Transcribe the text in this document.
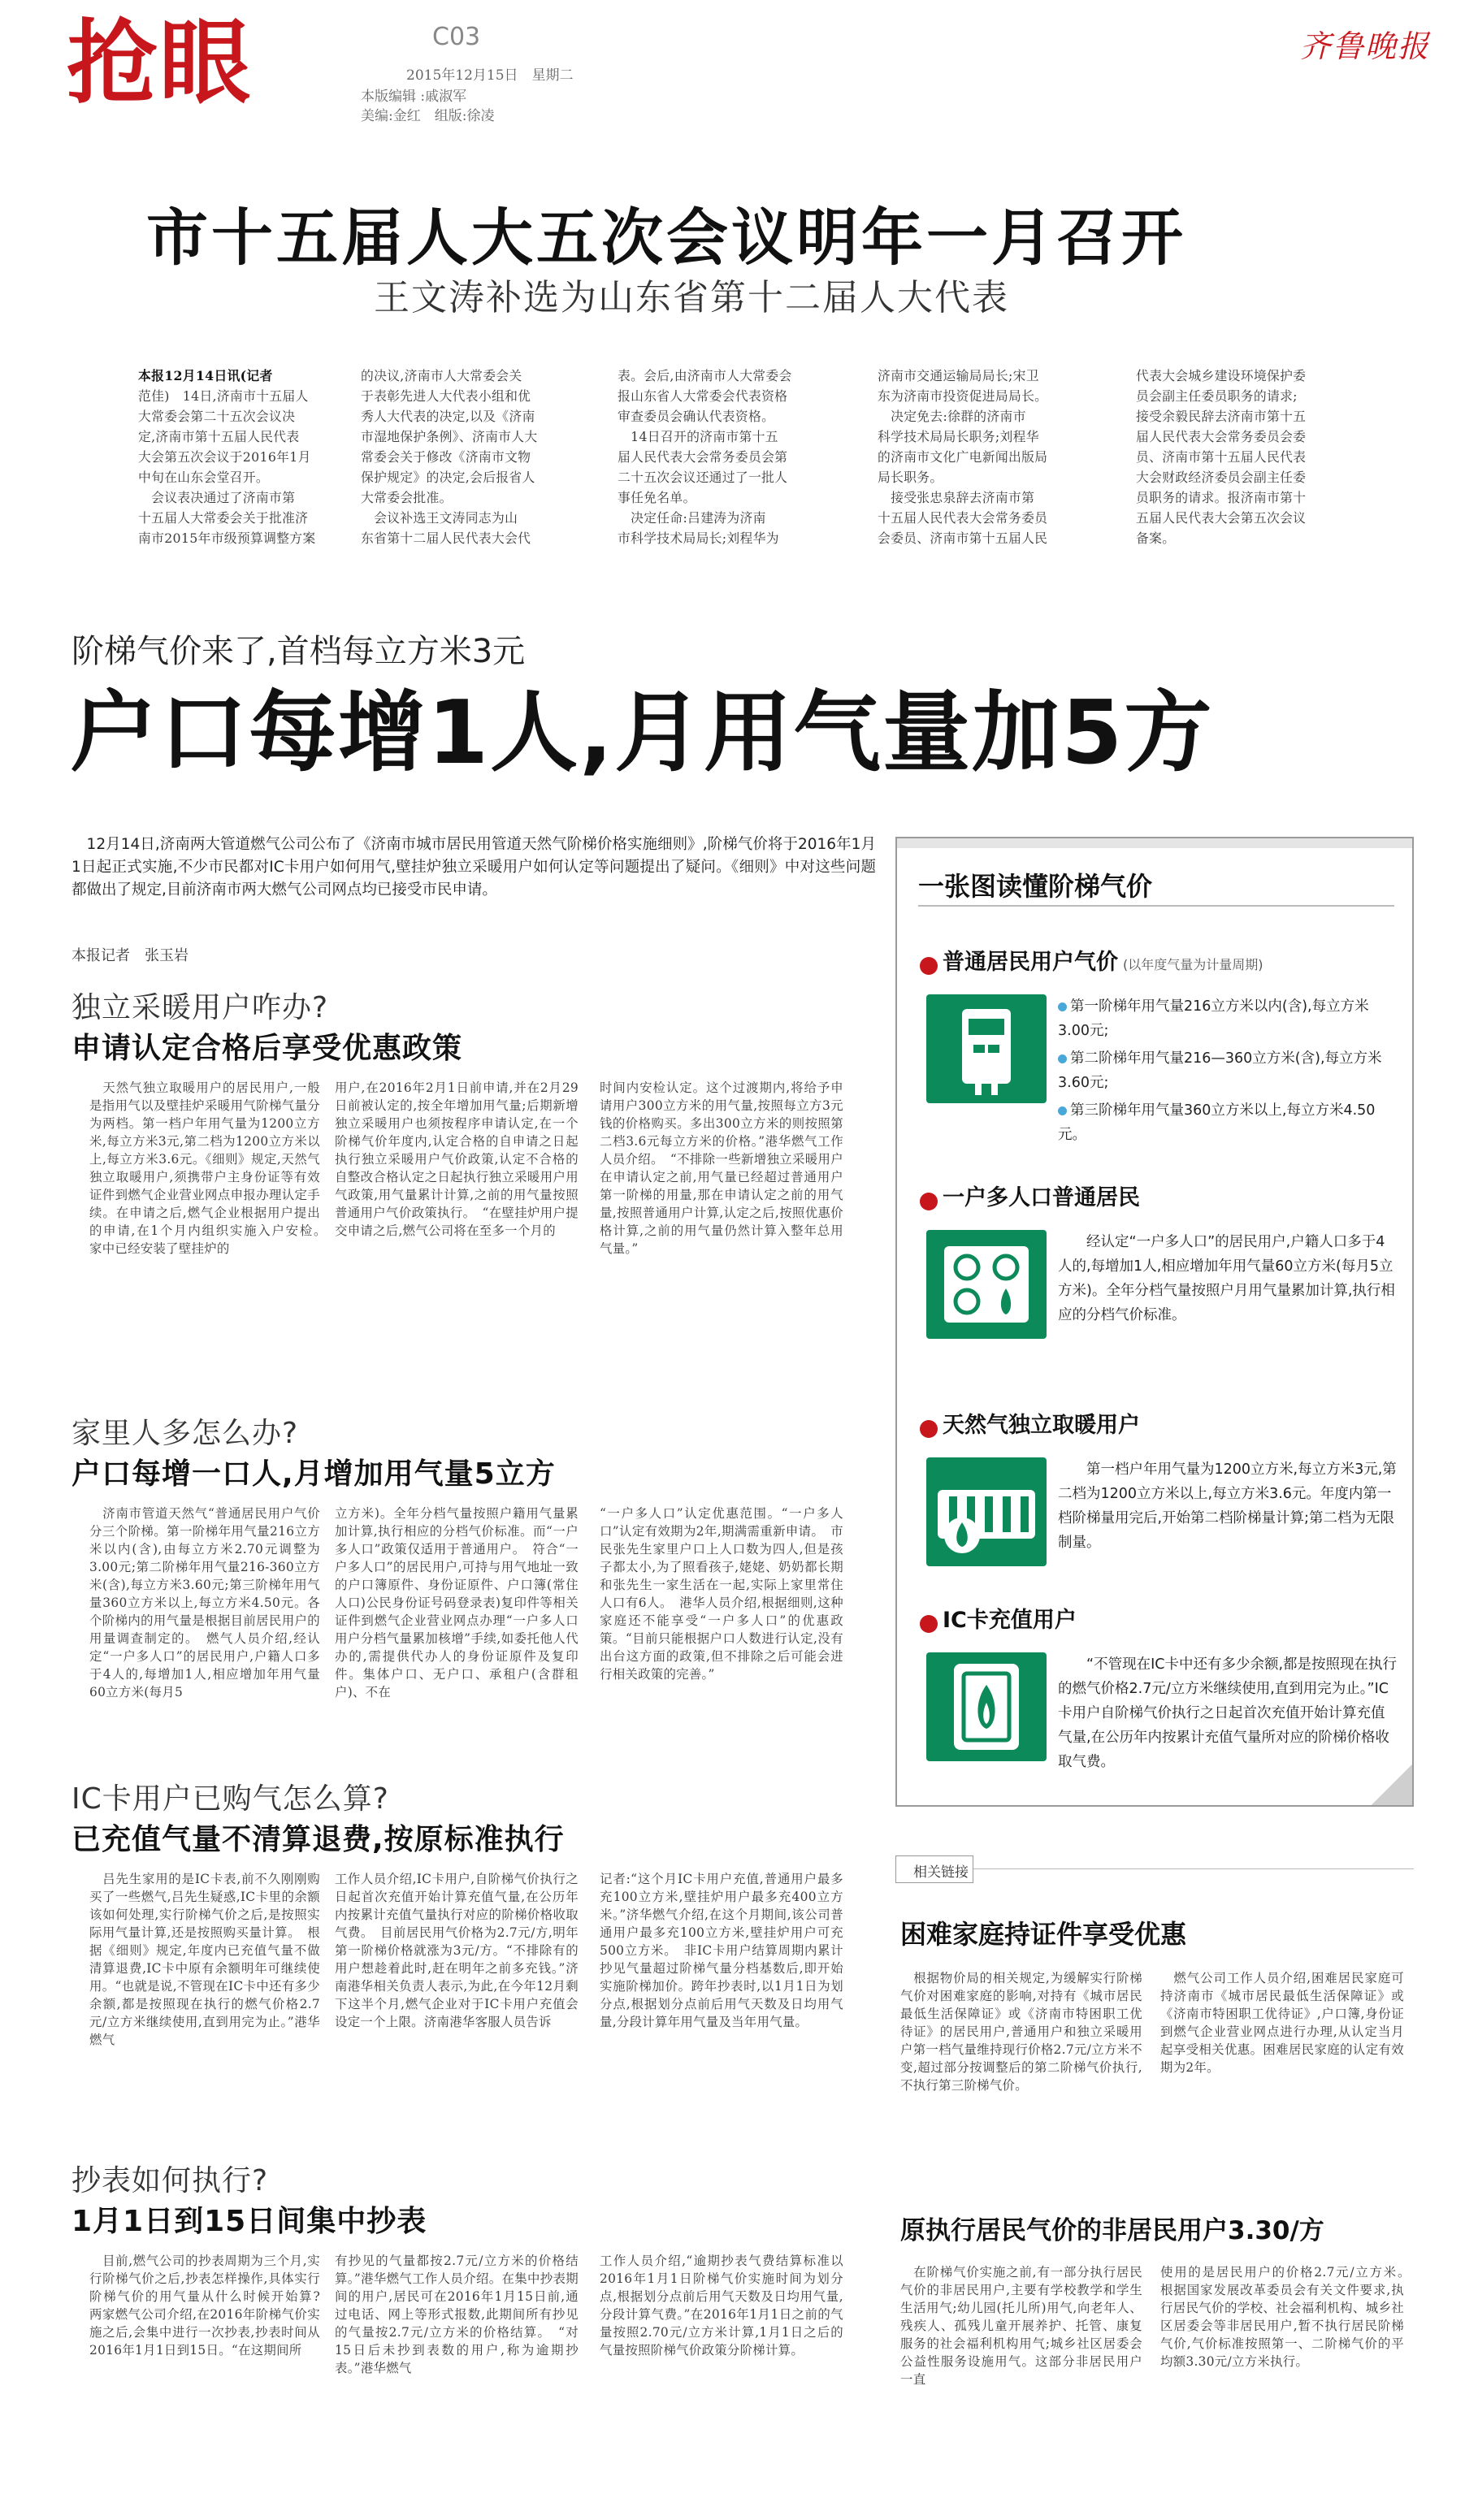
抢眼	C03
2015年12月15日　星期二
本版编辑 :戚淑军
美编:金红　组版:徐凌
齐鲁晚报
市十五届人大五次会议明年一月召开
王文涛补选为山东省第十二届人大代表
本报12月14日讯(记者
范佳)　14日,济南市十五届人
大常委会第二十五次会议决
定,济南市第十五届人民代表
大会第五次会议于2016年1月
中旬在山东会堂召开。
　会议表决通过了济南市第
十五届人大常委会关于批准济
南市2015年市级预算调整方案
的决议,济南市人大常委会关
于表彰先进人大代表小组和优
秀人大代表的决定,以及《济南
市湿地保护条例》、济南市人大
常委会关于修改《济南市文物
保护规定》的决定,会后报省人
大常委会批准。
　会议补选王文涛同志为山
东省第十二届人民代表大会代
表。会后,由济南市人大常委会
报山东省人大常委会代表资格
审查委员会确认代表资格。
　14日召开的济南市第十五
届人民代表大会常务委员会第
二十五次会议还通过了一批人
事任免名单。
　决定任命:吕建涛为济南
市科学技术局局长;刘程华为
济南市交通运输局局长;宋卫
东为济南市投资促进局局长。
　决定免去:徐群的济南市
科学技术局局长职务;刘程华
的济南市文化广电新闻出版局
局长职务。
　接受张忠泉辞去济南市第
十五届人民代表大会常务委员
会委员、济南市第十五届人民
代表大会城乡建设环境保护委
员会副主任委员职务的请求;
接受余毅民辞去济南市第十五
届人民代表大会常务委员会委
员、济南市第十五届人民代表
大会财政经济委员会副主任委
员职务的请求。报济南市第十
五届人民代表大会第五次会议
备案。
阶梯气价来了,首档每立方米3元
户口每增1人,月用气量加5方
　12月14日,济南两大管道燃气公司公布了《济南市城市居民用管道天然气阶梯价格实施细则》,阶梯气价将于2016年1月1日起正式实施,不少市民都对IC卡用户如何用气,壁挂炉独立采暖用户如何认定等问题提出了疑问。《细则》中对这些问题都做出了规定,目前济南市两大燃气公司网点均已接受市民申请。
本报记者　张玉岩
独立采暖用户咋办?
申请认定合格后享受优惠政策
　天然气独立取暖用户的居民用户,一般是指用气以及壁挂炉采暖用气阶梯气量分为两档。第一档户年用气量为1200立方米,每立方米3元,第二档为1200立方米以上,每立方米3.6元。《细则》规定,天然气独立取暖用户,须携带户主身份证等有效证件到燃气企业营业网点申报办理认定手续。在申请之后,燃气企业根据用户提出的申请,在1个月内组织实施入户安检。　家中已经安装了壁挂炉的
用户,在2016年2月1日前申请,并在2月29日前被认定的,按全年增加用气量;后期新增独立采暖用户也须按程序申请认定,在一个阶梯气价年度内,认定合格的自申请之日起执行独立采暖用户气价政策,认定不合格的自整改合格认定之日起执行独立采暖用户用气政策,用气量累计计算,之前的用气量按照普通用户气价政策执行。　“在壁挂炉用户提交申请之后,燃气公司将在至多一个月的
时间内安检认定。这个过渡期内,将给予申请用户300立方米的用气量,按照每立方3元钱的价格购买。多出300立方米的则按照第二档3.6元每立方米的价格。”港华燃气工作人员介绍。　“不排除一些新增独立采暖用户在申请认定之前,用气量已经超过普通用户第一阶梯的用量,那在申请认定之前的用气量,按照普通用户计算,认定之后,按照优惠价格计算,之前的用气量仍然计算入整年总用气量。”
家里人多怎么办?
户口每增一口人,月增加用气量5立方
　济南市管道天然气“普通居民用户气价分三个阶梯。第一阶梯年用气量216立方米以内(含),由每立方米2.70元调整为3.00元;第二阶梯年用气量216-360立方米(含),每立方米3.60元;第三阶梯年用气量360立方米以上,每立方米4.50元。各个阶梯内的用气量是根据目前居民用户的用量调查制定的。　燃气人员介绍,经认定“一户多人口”的居民用户,户籍人口多于4人的,每增加1人,相应增加年用气量60立方米(每月5
立方米)。全年分档气量按照户籍用气量累加计算,执行相应的分档气价标准。而“一户多人口”政策仅适用于普通用户。　符合“一户多人口”的居民用户,可持与用气地址一致的户口簿原件、身份证原件、户口簿(常住人口)公民身份证号码登录表)复印件等相关证件到燃气企业营业网点办理“一户多人口用户分档气量累加核增”手续,如委托他人代办的,需提供代办人的身份证原件及复印件。集体户口、无户口、承租户(含群租户)、不在
“一户多人口”认定优惠范围。“一户多人口”认定有效期为2年,期满需重新申请。　市民张先生家里户口上人口数为四人,但是孩子都太小,为了照看孩子,姥姥、奶奶都长期和张先生一家生活在一起,实际上家里常住人口有6人。　港华人员介绍,根据细则,这种家庭还不能享受“一户多人口”的优惠政策。“目前只能根据户口人数进行认定,没有出台这方面的政策,但不排除之后可能会进行相关政策的完善。”
IC卡用户已购气怎么算?
已充值气量不清算退费,按原标准执行
　吕先生家用的是IC卡表,前不久刚刚购买了一些燃气,吕先生疑惑,IC卡里的余额该如何处理,实行阶梯气价之后,是按照实际用气量计算,还是按照购买量计算。　根据《细则》规定,年度内已充值气量不做清算退费,IC卡中原有余额明年可继续使用。“也就是说,不管现在IC卡中还有多少余额,都是按照现在执行的燃气价格2.7元/立方米继续使用,直到用完为止。”港华燃气
工作人员介绍,IC卡用户,自阶梯气价执行之日起首次充值开始计算充值气量,在公历年内按累计充值气量执行对应的阶梯价格收取气费。　目前居民用气价格为2.7元/方,明年第一阶梯价格就涨为3元/方。“不排除有的用户想趁着此时,赶在明年之前多充钱。”济南港华相关负责人表示,为此,在今年12月剩下这半个月,燃气企业对于IC卡用户充值会设定一个上限。济南港华客服人员告诉
记者:“这个月IC卡用户充值,普通用户最多充100立方米,壁挂炉用户最多充400立方米。”济华燃气介绍,在这个月期间,该公司普通用户最多充100立方米,壁挂炉用户可充500立方米。　非IC卡用户结算周期内累计抄见气量超过阶梯气量分档基数后,即开始实施阶梯加价。跨年抄表时,以1月1日为划分点,根据划分点前后用气天数及日均用气量,分段计算年用气量及当年用气量。
抄表如何执行?
1月1日到15日间集中抄表
　目前,燃气公司的抄表周期为三个月,实行阶梯气价之后,抄表怎样操作,具体实行阶梯气价的用气量从什么时候开始算?　两家燃气公司介绍,在2016年阶梯气价实施之后,会集中进行一次抄表,抄表时间从2016年1月1日到15日。“在这期间所
有抄见的气量都按2.7元/立方米的价格结算。”港华燃气工作人员介绍。在集中抄表期间的用户,居民可在2016年1月15日前,通过电话、网上等形式报数,此期间所有抄见的气量按2.7元/立方米的价格结算。　“对15日后未抄到表数的用户,称为逾期抄表。”港华燃气
工作人员介绍,“逾期抄表气费结算标准以2016年1月1日阶梯气价实施时间为划分点,根据划分点前后用气天数及日均用气量,分段计算气费。”在2016年1月1日之前的气量按照2.70元/立方米计算,1月1日之后的气量按照阶梯气价政策分阶梯计算。
一张图读懂阶梯气价
普通居民用户气价 (以年度气量为计量周期)
第一阶梯年用气量216立方米以内(含),每立方米3.00元;
第二阶梯年用气量216—360立方米(含),每立方米3.60元;
第三阶梯年用气量360立方米以上,每立方米4.50元。
一户多人口普通居民
经认定“一户多人口”的居民用户,户籍人口多于4人的,每增加1人,相应增加年用气量60立方米(每月5立方米)。全年分档气量按照户月用气量累加计算,执行相应的分档气价标准。
天然气独立取暖用户
第一档户年用气量为1200立方米,每立方米3元,第二档为1200立方米以上,每立方米3.6元。年度内第一档阶梯量用完后,开始第二档阶梯量计算;第二档为无限制量。
IC卡充值用户
“不管现在IC卡中还有多少余额,都是按照现在执行的燃气价格2.7元/立方米继续使用,直到用完为止。”IC卡用户自阶梯气价执行之日起首次充值开始计算充值气量,在公历年内按累计充值气量所对应的阶梯价格收取气费。
相关链接
困难家庭持证件享受优惠
　根据物价局的相关规定,为缓解实行阶梯气价对困难家庭的影响,对持有《城市居民最低生活保障证》或《济南市特困职工优待证》的居民用户,普通用户和独立采暖用户第一档气量维持现行价格2.7元/立方米不变,超过部分按调整后的第二阶梯气价执行,不执行第三阶梯气价。
　燃气公司工作人员介绍,困难居民家庭可持济南市《城市居民最低生活保障证》或《济南市特困职工优待证》,户口簿,身份证到燃气企业营业网点进行办理,从认定当月起享受相关优惠。困难居民家庭的认定有效期为2年。
原执行居民气价的非居民用户3.30/方
　在阶梯气价实施之前,有一部分执行居民气价的非居民用户,主要有学校教学和学生生活用气;幼儿园(托儿所)用气,向老年人、残疾人、孤残儿童开展养护、托管、康复服务的社会福利机构用气;城乡社区居委会公益性服务设施用气。这部分非居民用户一直
使用的是居民用户的价格2.7元/立方米。　根据国家发展改革委员会有关文件要求,执行居民气价的学校、社会福利机构、城乡社区居委会等非居民用户,暂不执行居民阶梯气价,气价标准按照第一、二阶梯气价的平均额3.30元/立方米执行。
